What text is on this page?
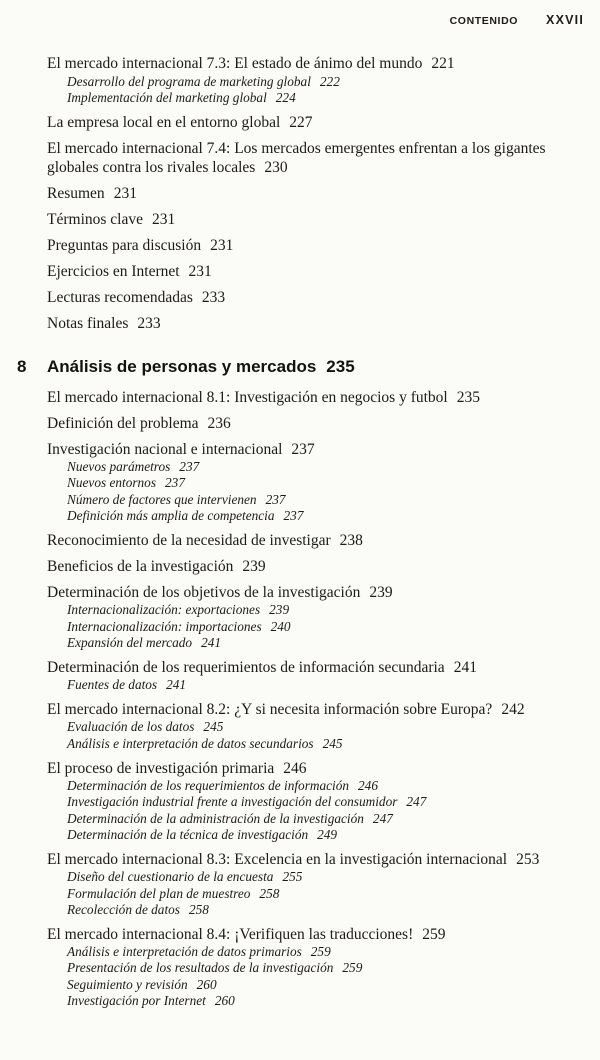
CONTENIDO XXVII
El mercado internacional 7.3: El estado de ánimo del mundo 221
Desarrollo del programa de marketing global 222
Implementación del marketing global 224
La empresa local en el entorno global 227
El mercado internacional 7.4: Los mercados emergentes enfrentan a los gigantes globales contra los rivales locales 230
Resumen 231
Términos clave 231
Preguntas para discusión 231
Ejercicios en Internet 231
Lecturas recomendadas 233
Notas finales 233
8 Análisis de personas y mercados 235
El mercado internacional 8.1: Investigación en negocios y futbol 235
Definición del problema 236
Investigación nacional e internacional 237
Nuevos parámetros 237
Nuevos entornos 237
Número de factores que intervienen 237
Definición más amplia de competencia 237
Reconocimiento de la necesidad de investigar 238
Beneficios de la investigación 239
Determinación de los objetivos de la investigación 239
Internacionalización: exportaciones 239
Internacionalización: importaciones 240
Expansión del mercado 241
Determinación de los requerimientos de información secundaria 241
Fuentes de datos 241
El mercado internacional 8.2: ¿Y si necesita información sobre Europa? 242
Evaluación de los datos 245
Análisis e interpretación de datos secundarios 245
El proceso de investigación primaria 246
Determinación de los requerimientos de información 246
Investigación industrial frente a investigación del consumidor 247
Determinación de la administración de la investigación 247
Determinación de la técnica de investigación 249
El mercado internacional 8.3: Excelencia en la investigación internacional 253
Diseño del cuestionario de la encuesta 255
Formulación del plan de muestreo 258
Recolección de datos 258
El mercado internacional 8.4: ¡Verifiquen las traducciones! 259
Análisis e interpretación de datos primarios 259
Presentación de los resultados de la investigación 259
Seguimiento y revisión 260
Investigación por Internet 260
